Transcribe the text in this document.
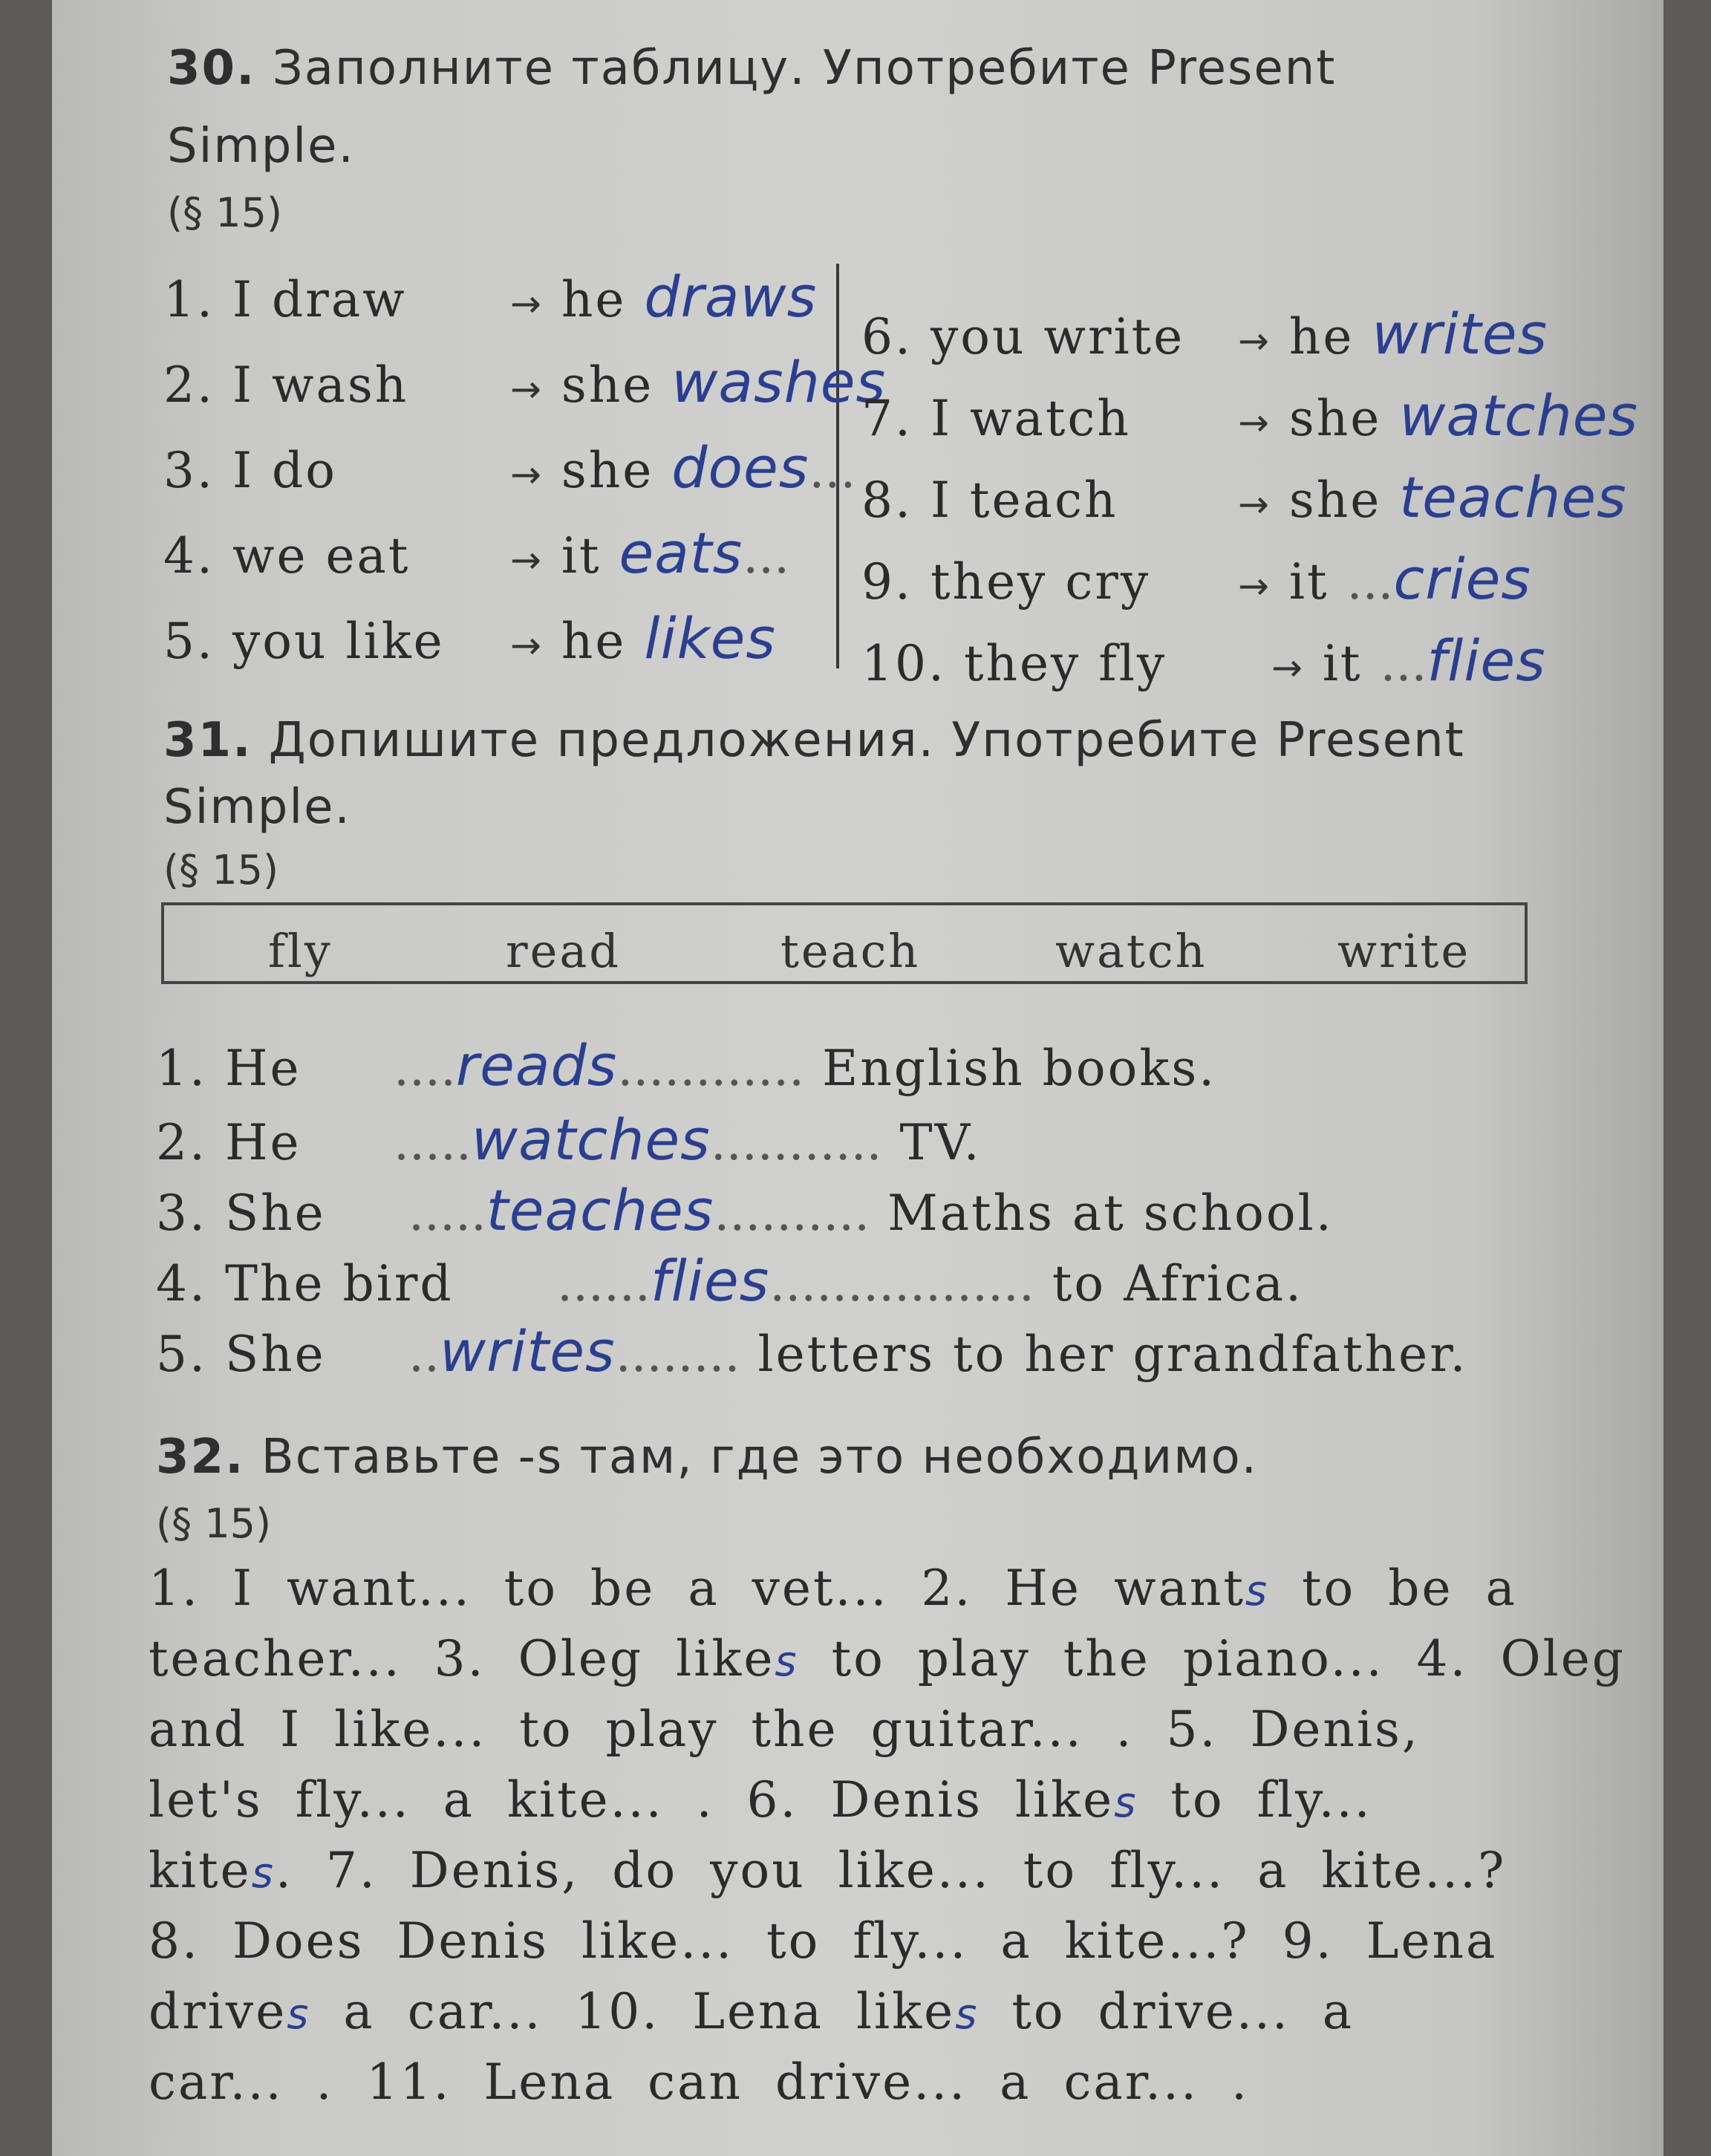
30. Заполните таблицу. Употребите Present
Simple.
(§ 15)
1. I draw	→ he draws
2. I wash	→ she washes
3. I do	→ she does...
4. we eat	→ it eats...
5. you like → he likes
6. you write → he writes
7. I watch	→ she watches
8. I teach	→ she teaches
9. they cry → it ...cries
10. they fly	→ it ...flies
31. Допишите предложения. Употребите Present
Simple.
(§ 15)
fly	read	teach	watch	write
1. He ....reads............ English books.
2. He .....watches........... TV.
3. She .....teaches.......... Maths at school.
4. The bird ......flies................. to Africa.
5. She ..writes........ letters to her grandfather.
32. Вставьте -s там, где это необходимо.
(§ 15)
1. I want... to be a vet... 2. He wants to be a
teacher... 3. Oleg likes to play the piano... 4. Oleg
and I like... to play the guitar... . 5. Denis,
let's fly... a kite... . 6. Denis likes to fly...
kites. 7. Denis, do you like... to fly... a kite...?
8. Does Denis like... to fly... a kite...? 9. Lena
drives a car... 10. Lena likes to drive... a
car... . 11. Lena can drive... a car... .
